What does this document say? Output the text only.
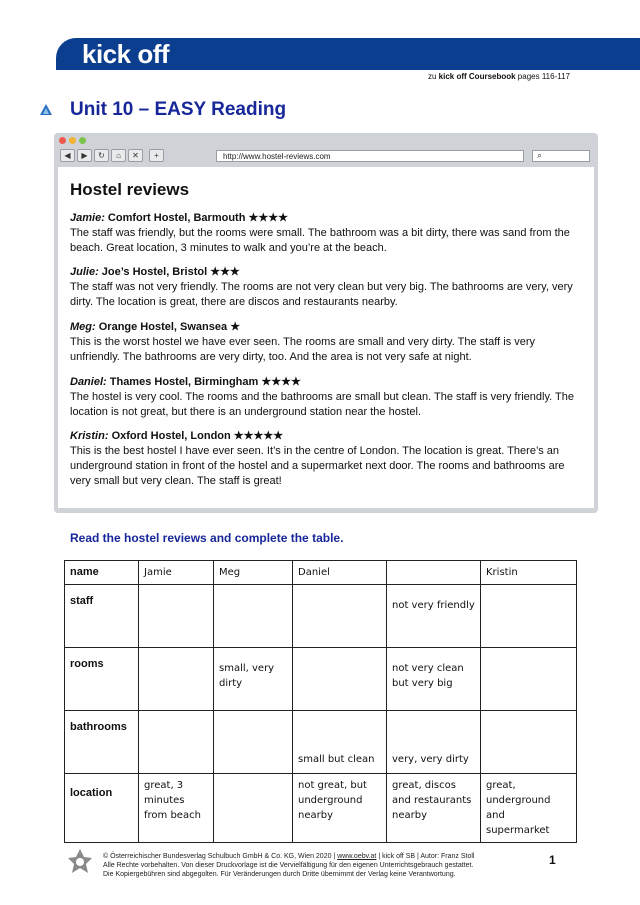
kick off
zu kick off Coursebook pages 116-117
Unit 10 – EASY Reading
◀	▶	↻	⌂	✕	+	http://www.hostel-reviews.com	⌕
Hostel reviews
Jamie: Comfort Hostel, Barmouth ★★★★
The staff was friendly, but the rooms were small. The bathroom was a bit dirty, there was sand from the beach. Great location, 3 minutes to walk and you’re at the beach.
Julie: Joe’s Hostel, Bristol ★★★
The staff was not very friendly. The rooms are not very clean but very big. The bathrooms are very, very dirty. The location is great, there are discos and restaurants nearby.
Meg: Orange Hostel, Swansea ★
This is the worst hostel we have ever seen. The rooms are small and very dirty. The staff is very unfriendly. The bathrooms are very dirty, too. And the area is not very safe at night.
Daniel: Thames Hostel, Birmingham ★★★★
The hostel is very cool. The rooms and the bathrooms are small but clean. The staff is very friendly. The location is not great, but there is an underground station near the hostel.
Kristin: Oxford Hostel, London ★★★★★
This is the best hostel I have ever seen. It’s in the centre of London. The location is great. There’s an underground station in front of the hostel and a supermarket next door. The rooms and bathrooms are very small but very clean. The staff is great!
Read the hostel reviews and complete the table.
name	Jamie	Meg	Daniel		Kristin
staff				not very friendly	
rooms		small, very dirty		not very clean but very big	
bathrooms			small but clean	very, very dirty	
location	great, 3 minutes from beach		not great, but underground nearby	great, discos and restaurants nearby	great, underground and supermarket
© Österreichischer Bundesverlag Schulbuch GmbH & Co. KG, Wien 2020 | www.oebv.at | kick off SB | Autor: Franz Stoll
Alle Rechte vorbehalten. Von dieser Druckvorlage ist die Vervielfältigung für den eigenen Unterrichtsgebrauch gestattet.
Die Kopiergebühren sind abgegolten. Für Veränderungen durch Dritte übernimmt der Verlag keine Verantwortung.
1
